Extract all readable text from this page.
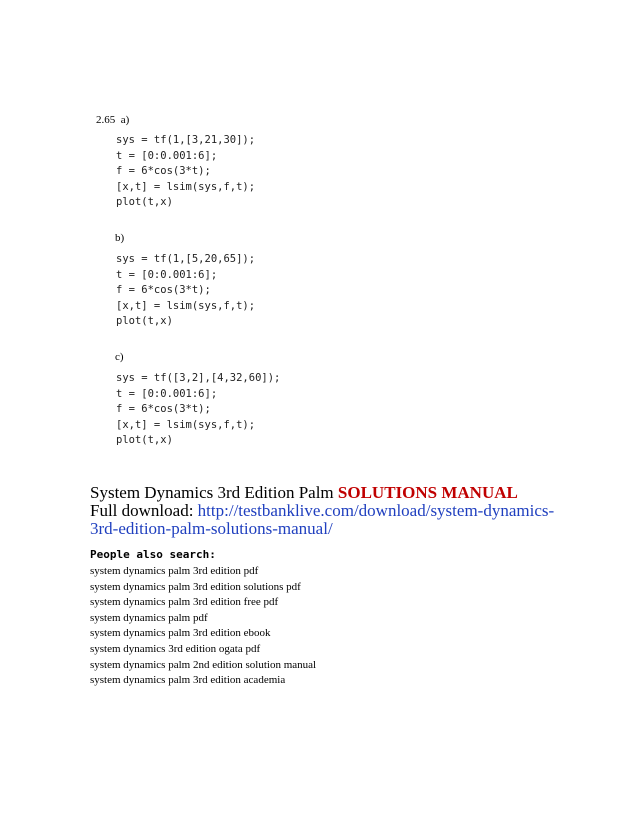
2.65 a)
sys = tf(1,[3,21,30]);
t = [0:0.001:6];
f = 6*cos(3*t);
[x,t] = lsim(sys,f,t);
plot(t,x)
b)
sys = tf(1,[5,20,65]);
t = [0:0.001:6];
f = 6*cos(3*t);
[x,t] = lsim(sys,f,t);
plot(t,x)
c)
sys = tf([3,2],[4,32,60]);
t = [0:0.001:6];
f = 6*cos(3*t);
[x,t] = lsim(sys,f,t);
plot(t,x)
System Dynamics 3rd Edition Palm SOLUTIONS MANUAL
Full download: http://testbanklive.com/download/system-dynamics-3rd-edition-palm-solutions-manual/
People also search:
system dynamics palm 3rd edition pdf
system dynamics palm 3rd edition solutions pdf
system dynamics palm 3rd edition free pdf
system dynamics palm pdf
system dynamics palm 3rd edition ebook
system dynamics 3rd edition ogata pdf
system dynamics palm 2nd edition solution manual
system dynamics palm 3rd edition academia
